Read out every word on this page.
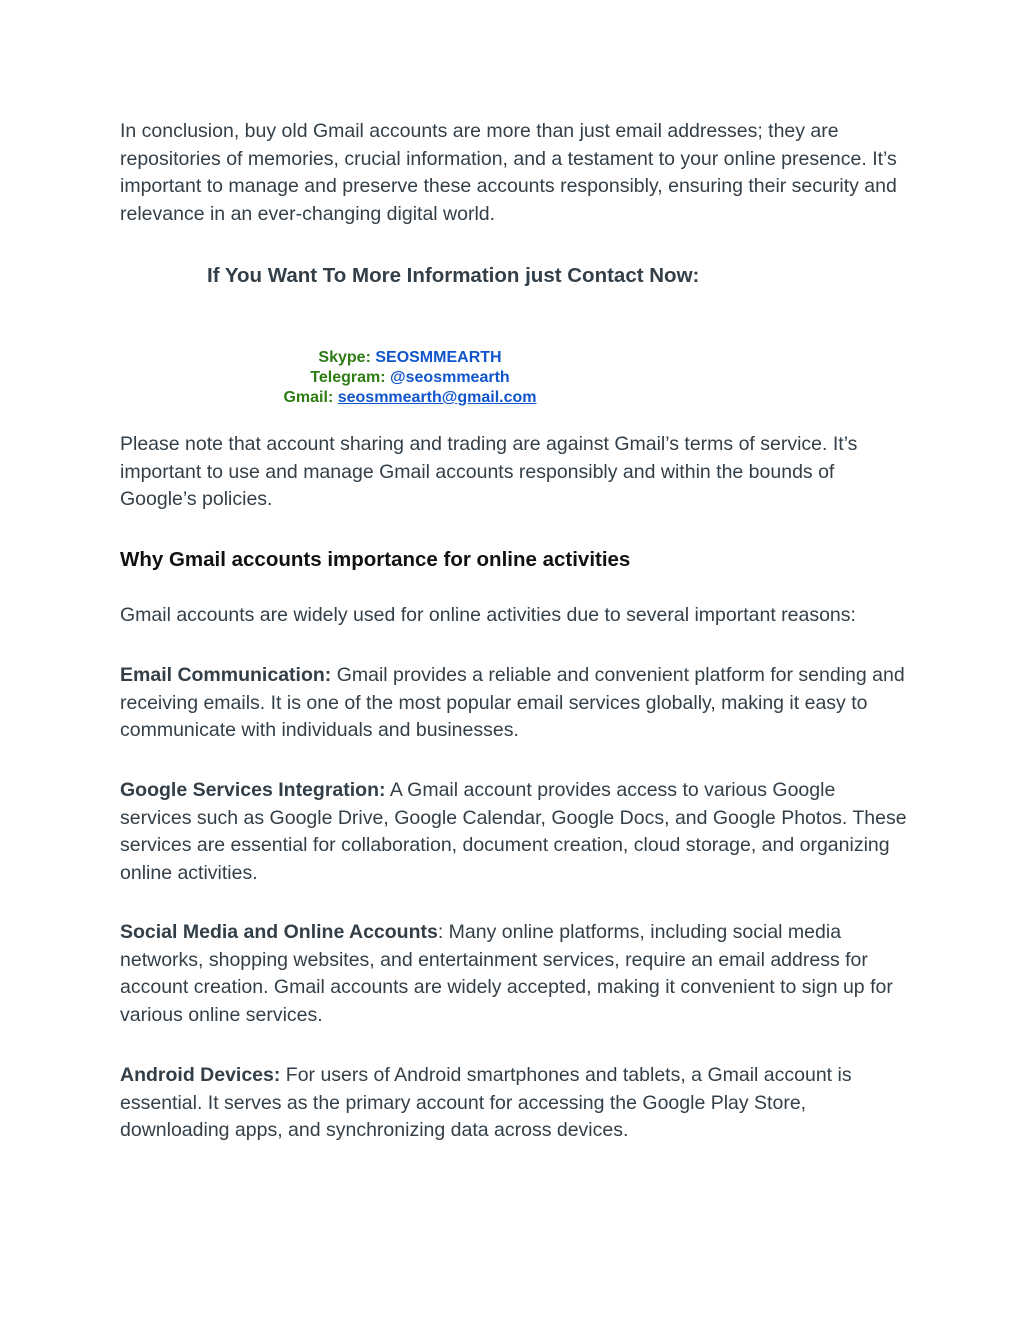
In conclusion, buy old Gmail accounts are more than just email addresses; they are repositories of memories, crucial information, and a testament to your online presence. It’s important to manage and preserve these accounts responsibly, ensuring their security and relevance in an ever-changing digital world.

If You Want To More Information just Contact Now:
Skype: SEOSMMEARTH
Telegram: @seosmmearth
Gmail: seosmmearth@gmail.com

Please note that account sharing and trading are against Gmail’s terms of service. It’s important to use and manage Gmail accounts responsibly and within the bounds of Google’s policies.

Why Gmail accounts importance for online activities

Gmail accounts are widely used for online activities due to several important reasons:

Email Communication: Gmail provides a reliable and convenient platform for sending and receiving emails. It is one of the most popular email services globally, making it easy to communicate with individuals and businesses.

Google Services Integration: A Gmail account provides access to various Google services such as Google Drive, Google Calendar, Google Docs, and Google Photos. These services are essential for collaboration, document creation, cloud storage, and organizing online activities.

Social Media and Online Accounts: Many online platforms, including social media networks, shopping websites, and entertainment services, require an email address for account creation. Gmail accounts are widely accepted, making it convenient to sign up for various online services.

Android Devices: For users of Android smartphones and tablets, a Gmail account is essential. It serves as the primary account for accessing the Google Play Store, downloading apps, and synchronizing data across devices.
